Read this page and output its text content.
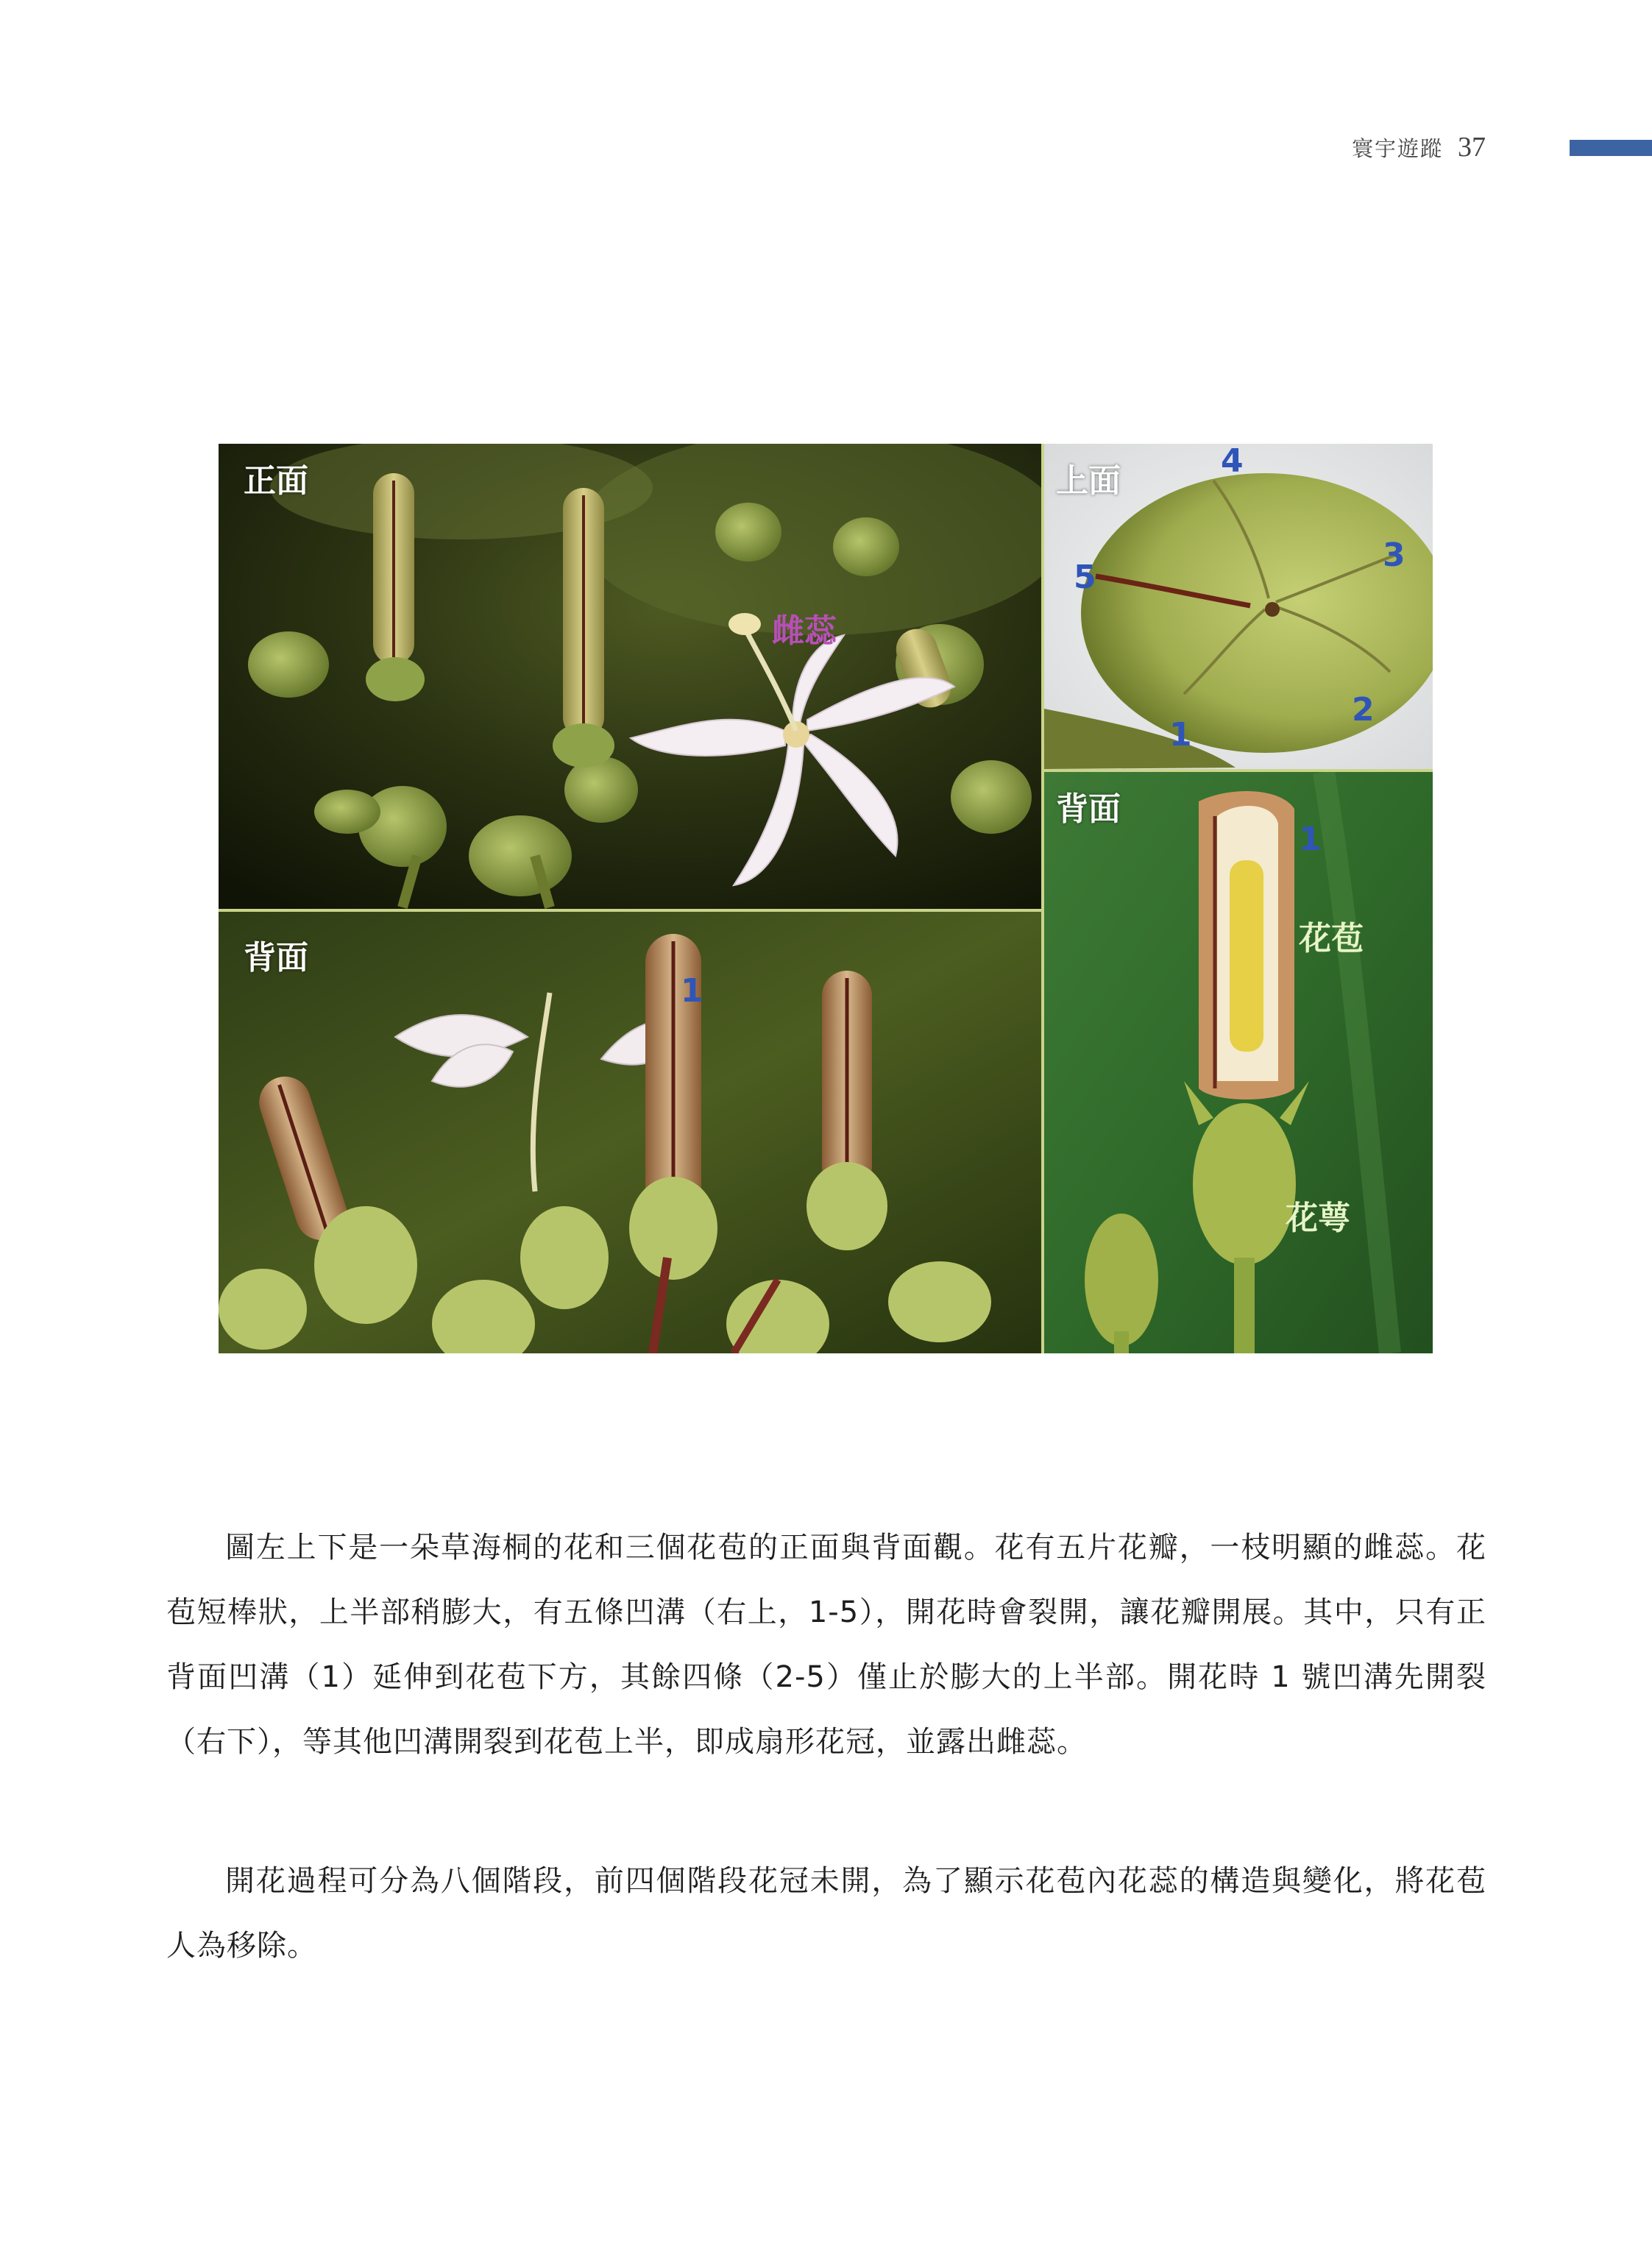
寰宇遊蹤 37
正面
雌蕊
背面
1
上面
1
2
3
4
5
背面
1
花苞
花萼

圖左上下是一朵草海桐的花和三個花苞的正面與背面觀。花有五片花瓣，一枝明顯的雌蕊。花苞短棒狀，上半部稍膨大，有五條凹溝（右上，1-5），開花時會裂開，讓花瓣開展。其中，只有正背面凹溝（1）延伸到花苞下方，其餘四條（2-5）僅止於膨大的上半部。開花時 1 號凹溝先開裂（右下），等其他凹溝開裂到花苞上半，即成扇形花冠，並露出雌蕊。

開花過程可分為八個階段，前四個階段花冠未開，為了顯示花苞內花蕊的構造與變化，將花苞人為移除。
